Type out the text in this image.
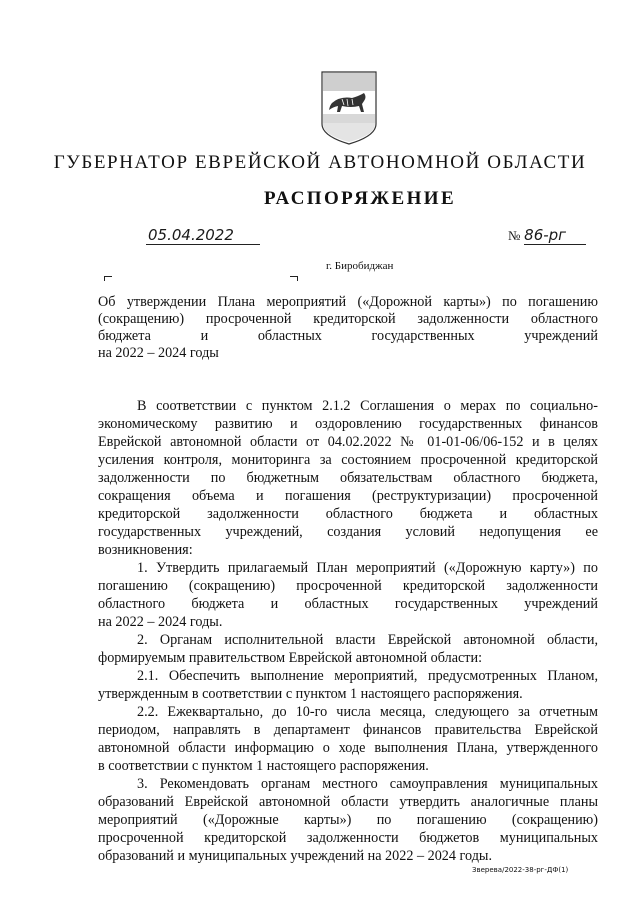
ГУБЕРНАТОР ЕВРЕЙСКОЙ АВТОНОМНОЙ ОБЛАСТИ
РАСПОРЯЖЕНИЕ
05.04.2022	№ 86-рг
г. Биробиджан
Об утверждении Плана мероприятий («Дорожной карты») по погашению
(сокращению) просроченной кредиторской задолженности областного
бюджета и областных государственных учреждений
на 2022 – 2024 годы
В соответствии с пунктом 2.1.2 Соглашения о мерах по социально-
экономическому развитию и оздоровлению государственных финансов
Еврейской автономной области от 04.02.2022 № 01-01-06/06-152 и в целях
усиления контроля, мониторинга за состоянием просроченной кредиторской
задолженности по бюджетным обязательствам областного бюджета,
сокращения объема и погашения (реструктуризации) просроченной
кредиторской задолженности областного бюджета и областных
государственных учреждений, создания условий недопущения ее
возникновения:
1. Утвердить прилагаемый План мероприятий («Дорожную карту») по
погашению (сокращению) просроченной кредиторской задолженности
областного бюджета и областных государственных учреждений
на 2022 – 2024 годы.
2. Органам исполнительной власти Еврейской автономной области,
формируемым правительством Еврейской автономной области:
2.1. Обеспечить выполнение мероприятий, предусмотренных Планом,
утвержденным в соответствии с пунктом 1 настоящего распоряжения.
2.2. Ежеквартально, до 10-го числа месяца, следующего за отчетным
периодом, направлять в департамент финансов правительства Еврейской
автономной области информацию о ходе выполнения Плана, утвержденного
в соответствии с пунктом 1 настоящего распоряжения.
3. Рекомендовать органам местного самоуправления муниципальных
образований Еврейской автономной области утвердить аналогичные планы
мероприятий («Дорожные карты») по погашению (сокращению)
просроченной кредиторской задолженности бюджетов муниципальных
образований и муниципальных учреждений на 2022 – 2024 годы.
Зверева/2022-38-рг-ДФ(1)
